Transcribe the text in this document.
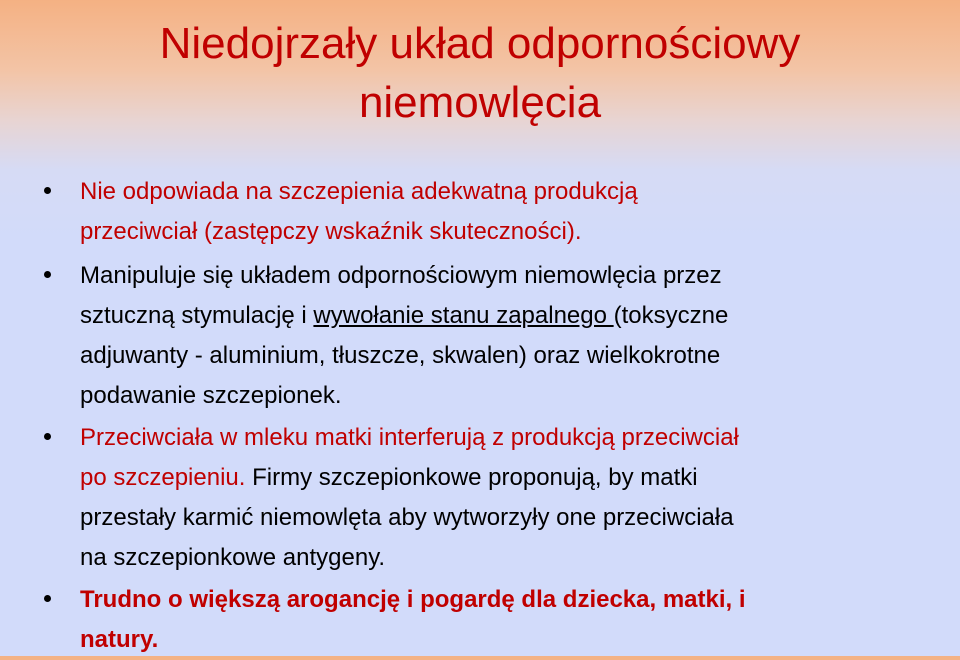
Niedojrzały układ odpornościowy
niemowlęcia
Nie odpowiada na szczepienia adekwatną produkcją
przeciwciał (zastępczy wskaźnik skuteczności).
Manipuluje się układem odpornościowym niemowlęcia przez
sztuczną stymulację i wywołanie stanu zapalnego (toksyczne
adjuwanty - aluminium, tłuszcze, skwalen) oraz wielkokrotne
podawanie szczepionek.
Przeciwciała w mleku matki interferują z produkcją przeciwciał
po szczepieniu. Firmy szczepionkowe proponują, by matki
przestały karmić niemowlęta aby wytworzyły one przeciwciała
na szczepionkowe antygeny.
Trudno o większą arogancję i pogardę dla dziecka, matki, i
natury.
